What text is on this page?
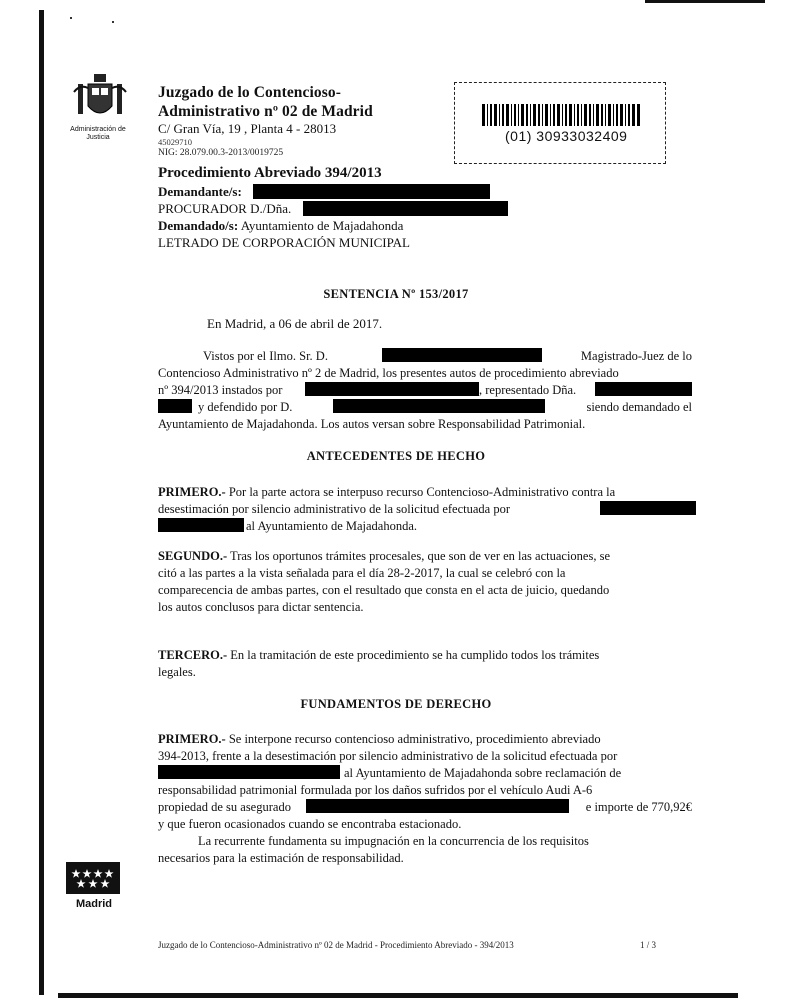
Administración de Justicia
Juzgado de lo Contencioso-
Administrativo nº 02 de Madrid
C/ Gran Vía, 19 , Planta 4 - 28013
45029710
NIG: 28.079.00.3-2013/0019725
(01) 30933032409
Procedimiento Abreviado 394/2013
Demandante/s:
PROCURADOR D./Dña.
Demandado/s: Ayuntamiento de Majadahonda
LETRADO DE CORPORACIÓN MUNICIPAL
SENTENCIA Nº 153/2017
En Madrid, a 06 de abril de 2017.
Vistos por el Ilmo. Sr. D.	Magistrado-Juez de lo
Contencioso Administrativo nº 2 de Madrid, los presentes autos de procedimiento abreviado
nº 394/2013 instados por	, representado Dña.
y defendido por D.	siendo demandado el
Ayuntamiento de Majadahonda. Los autos versan sobre Responsabilidad Patrimonial.
ANTECEDENTES DE HECHO
PRIMERO.- Por la parte actora se interpuso recurso Contencioso-Administrativo contra la
desestimación por silencio administrativo de la solicitud efectuada por
al Ayuntamiento de Majadahonda.
SEGUNDO.- Tras los oportunos trámites procesales, que son de ver en las actuaciones, se
citó a las partes a la vista señalada para el día 28-2-2017, la cual se celebró con la
comparecencia de ambas partes, con el resultado que consta en el acta de juicio, quedando
los autos conclusos para dictar sentencia.
TERCERO.- En la tramitación de este procedimiento se ha cumplido todos los trámites
legales.
FUNDAMENTOS DE DERECHO
PRIMERO.- Se interpone recurso contencioso administrativo, procedimiento abreviado
394-2013, frente a la desestimación por silencio administrativo de la solicitud efectuada por
al Ayuntamiento de Majadahonda sobre reclamación de
responsabilidad patrimonial formulada por los daños sufridos por el vehículo Audi A-6
propiedad de su asegurado	e importe de 770,92€
y que fueron ocasionados cuando se encontraba estacionado.
La recurrente fundamenta su impugnación en la concurrencia de los requisitos
necesarios para la estimación de responsabilidad.
Madrid
Juzgado de lo Contencioso-Administrativo nº 02 de Madrid - Procedimiento Abreviado - 394/2013	1 / 3
